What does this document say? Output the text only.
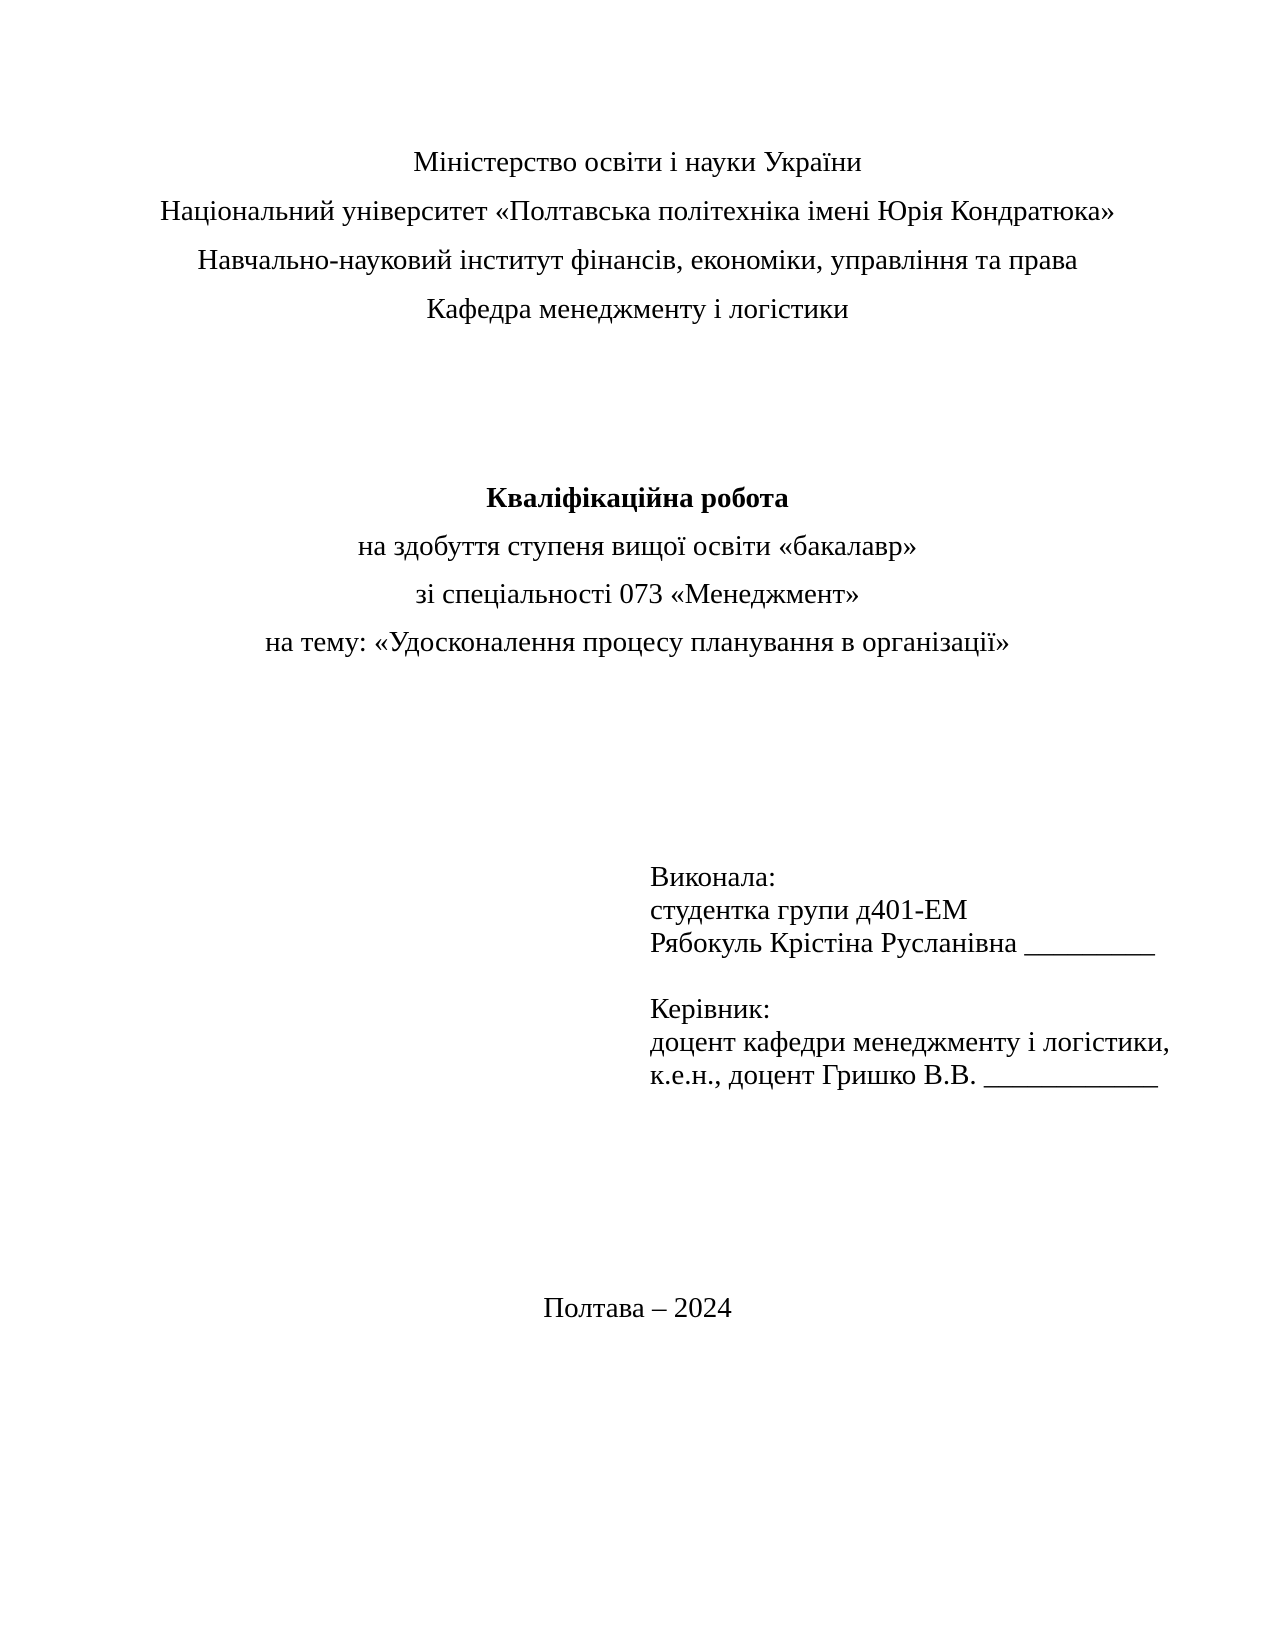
Міністерство освіти і науки України

Національний університет «Полтавська політехніка імені Юрія Кондратюка»

Навчально-науковий інститут фінансів, економіки, управління та права

Кафедра менеджменту і логістики

Кваліфікаційна робота

на здобуття ступеня вищої освіти «бакалавр»

зі спеціальності 073 «Менеджмент»

на тему: «Удосконалення процесу планування в організації»

Виконала:

студентка групи д401-ЕМ

Рябокуль Крістіна Русланівна _________

Керівник:

доцент кафедри менеджменту і логістики,

к.е.н., доцент Гришко В.В. ____________

Полтава – 2024
